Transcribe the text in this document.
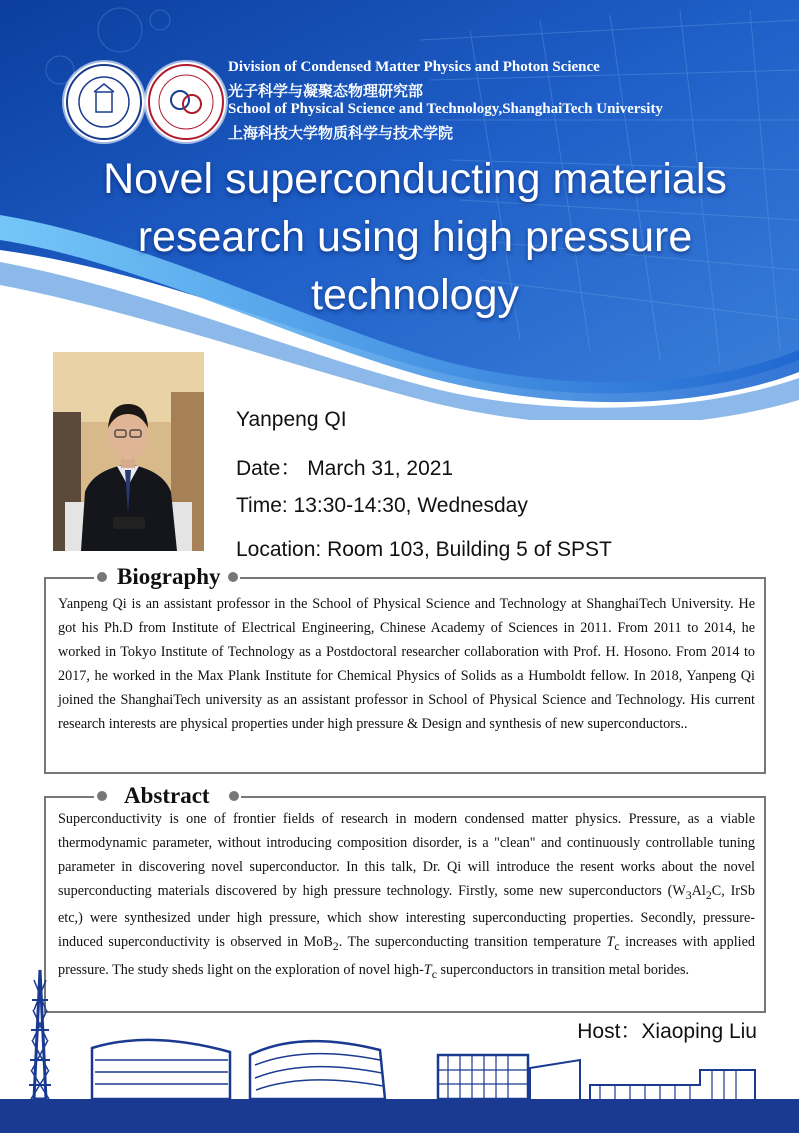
Division of Condensed Matter Physics and Photon Science
光子科学与凝聚态物理研究部
School of Physical Science and Technology,ShanghaiTech University
上海科技大学物质科学与技术学院
Novel superconducting materials
research using high pressure
technology
Yanpeng QI
Date： March 31, 2021
Time: 13:30-14:30, Wednesday
Location: Room 103, Building 5 of SPST
Biography
Yanpeng Qi is an assistant professor in the School of Physical Science and Technology at ShanghaiTech University. He got his Ph.D from Institute of Electrical Engineering, Chinese Academy of Sciences in 2011. From 2011 to 2014, he worked in Tokyo Institute of Technology as a Postdoctoral researcher collaboration with Prof. H. Hosono. From 2014 to 2017, he worked in the Max Plank Institute for Chemical Physics of Solids as a Humboldt fellow. In 2018, Yanpeng Qi joined the ShanghaiTech university as an assistant professor in School of Physical Science and Technology. His current research interests are physical properties under high pressure & Design and synthesis of new superconductors..
Abstract
Superconductivity is one of frontier fields of research in modern condensed matter physics. Pressure, as a viable thermodynamic parameter, without introducing composition disorder, is a "clean" and continuously controllable tuning parameter in discovering novel superconductor. In this talk, Dr. Qi will introduce the resent works about the novel superconducting materials discovered by high pressure technology. Firstly, some new superconductors ($W_3Al_2C$, IrSb etc,) were synthesized under high pressure, which show interesting superconducting properties. Secondly, pressure-induced superconductivity is observed in MoB$_2$. The superconducting transition temperature $T_c$ increases with applied pressure. The study sheds light on the exploration of novel high-$T_c$ superconductors in transition metal borides.
Host：Xiaoping Liu
